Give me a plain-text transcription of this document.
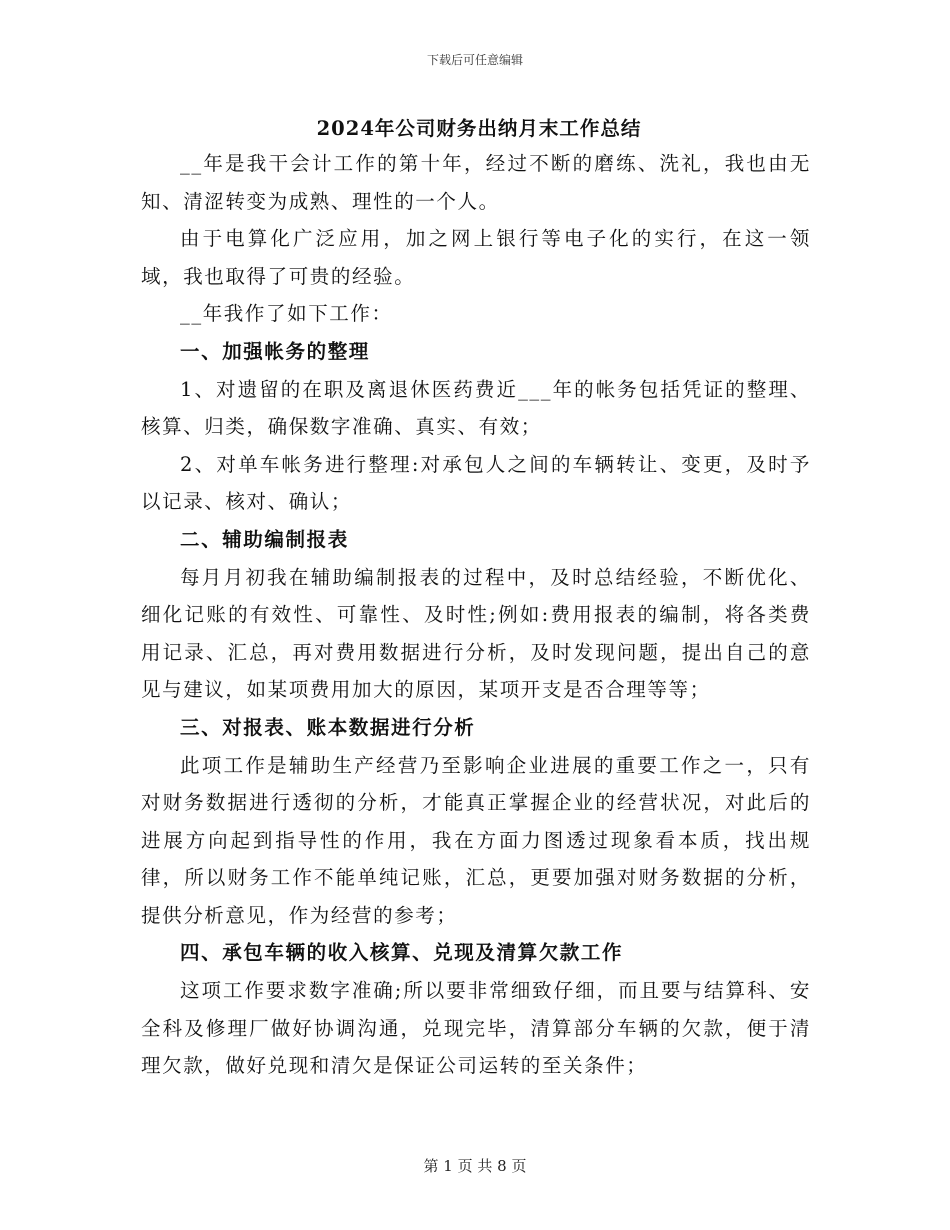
下载后可任意编辑
2024年公司财务出纳月末工作总结

__年是我干会计工作的第十年，经过不断的磨练、洗礼，我也由无知、清涩转变为成熟、理性的一个人。

由于电算化广泛应用，加之网上银行等电子化的实行，在这一领域，我也取得了可贵的经验。

__年我作了如下工作：

一、加强帐务的整理

1、对遗留的在职及离退休医药费近___年的帐务包括凭证的整理、核算、归类，确保数字准确、真实、有效；

2、对单车帐务进行整理:对承包人之间的车辆转让、变更，及时予以记录、核对、确认；

二、辅助编制报表

每月月初我在辅助编制报表的过程中，及时总结经验，不断优化、细化记账的有效性、可靠性、及时性;例如:费用报表的编制，将各类费用记录、汇总，再对费用数据进行分析，及时发现问题，提出自己的意见与建议，如某项费用加大的原因，某项开支是否合理等等；

三、对报表、账本数据进行分析

此项工作是辅助生产经营乃至影响企业进展的重要工作之一，只有对财务数据进行透彻的分析，才能真正掌握企业的经营状况，对此后的进展方向起到指导性的作用，我在方面力图透过现象看本质，找出规律，所以财务工作不能单纯记账，汇总，更要加强对财务数据的分析，提供分析意见，作为经营的参考；

四、承包车辆的收入核算、兑现及清算欠款工作

这项工作要求数字准确;所以要非常细致仔细，而且要与结算科、安全科及修理厂做好协调沟通，兑现完毕，清算部分车辆的欠款，便于清理欠款，做好兑现和清欠是保证公司运转的至关条件；

第 1 页 共 8 页
